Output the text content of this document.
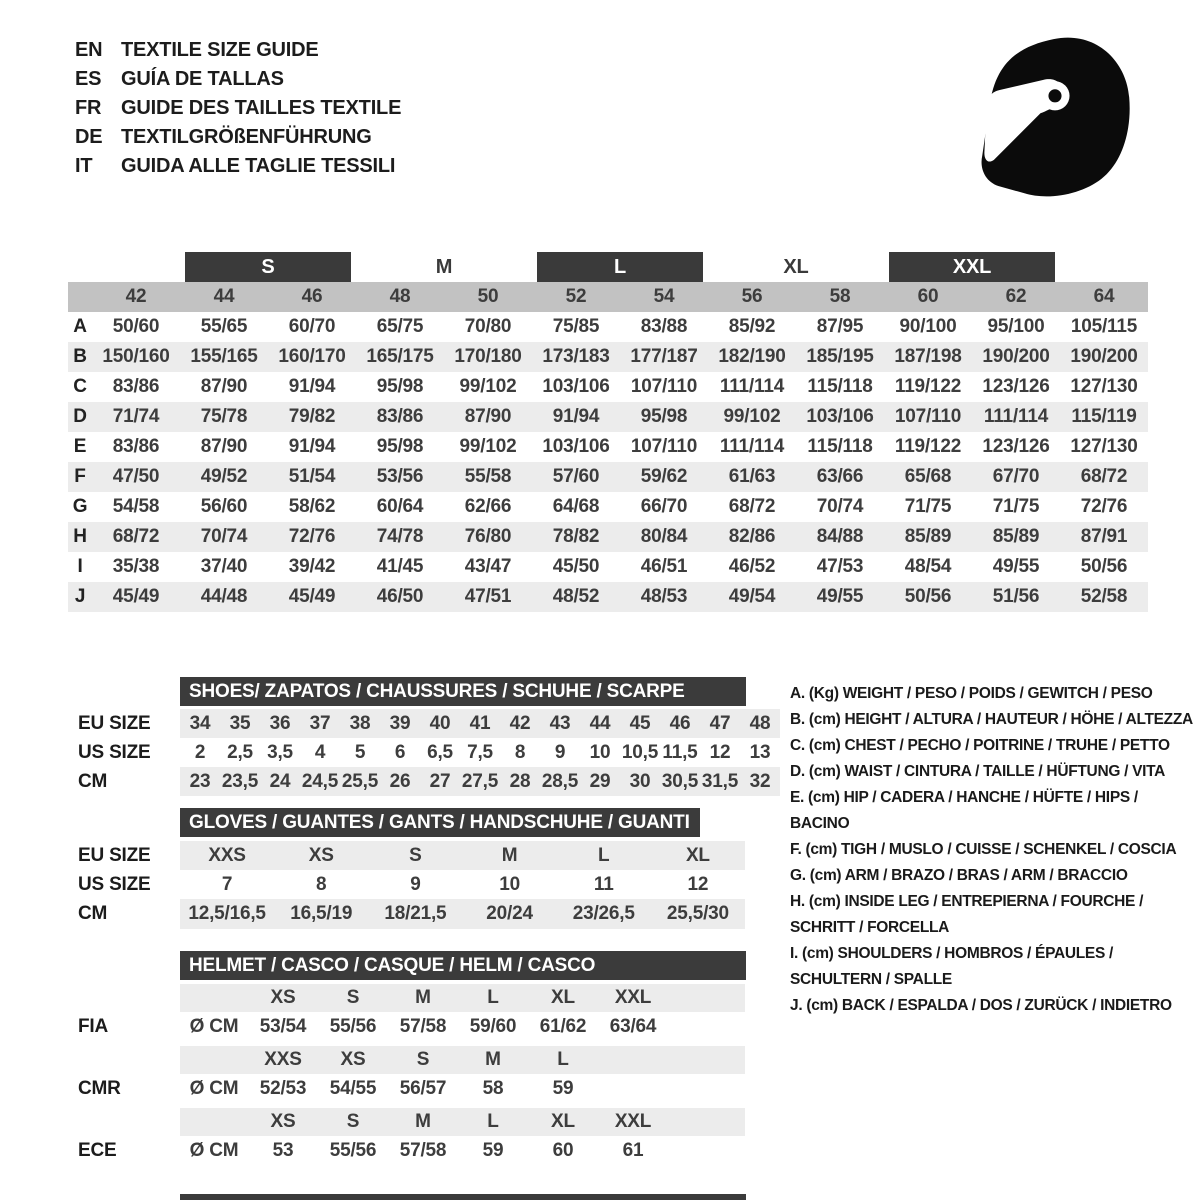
EN TEXTILE SIZE GUIDE
ES GUÍA DE TALLAS
FR GUIDE DES TAILLES TEXTILE
DE TEXTILGRÖßENFÜHRUNG
IT	GUIDA ALLE TAGLIE TESSILI
S	M	L	XL	XXL
42	44	46	48	50	52	54	56	58	60	62	64
A	50/60	55/65	60/70	65/75	70/80	75/85	83/88	85/92	87/95	90/100	95/100	105/115
B 150/160	155/165	160/170	165/175	170/180	173/183	177/187	182/190	185/195	187/198	190/200	190/200
C	83/86	87/90	91/94	95/98	99/102	103/106	107/110	111/114	115/118	119/122	123/126	127/130
D	71/74	75/78	79/82	83/86	87/90	91/94	95/98	99/102	103/106	107/110	111/114	115/119
E	83/86	87/90	91/94	95/98	99/102	103/106	107/110	111/114	115/118	119/122	123/126	127/130
F	47/50	49/52	51/54	53/56	55/58	57/60	59/62	61/63	63/66	65/68	67/70	68/72
G	54/58	56/60	58/62	60/64	62/66	64/68	66/70	68/72	70/74	71/75	71/75	72/76
H	68/72	70/74	72/76	74/78	76/80	78/82	80/84	82/86	84/88	85/89	85/89	87/91
I	35/38	37/40	39/42	41/45	43/47	45/50	46/51	46/52	47/53	48/54	49/55	50/56
J	45/49	44/48	45/49	46/50	47/51	48/52	48/53	49/54	49/55	50/56	51/56	52/58
SHOES/ ZAPATOS / CHAUSSURES / SCHUHE / SCARPE
EU SIZE	34	35	36	37	38	39	40	41	42	43	44	45	46	47	48
US SIZE	2	2,5 3,5	4	5	6	6,5 7,5	8	9	10 10,5 11,5 12	13
CM	23 23,5 24 24,5 25,5 26	27 27,5 28 28,5 29	30 30,5 31,5 32
GLOVES / GUANTES / GANTS / HANDSCHUHE / GUANTI
EU SIZE	XXS	XS	S	M	L	XL
US SIZE	7	8	9	10	11	12
CM	12,5/16,5	16,5/19	18/21,5	20/24	23/26,5	25,5/30
HELMET / CASCO / CASQUE / HELM / CASCO
XS	S	M	L	XL	XXL
FIA	Ø CM	53/54	55/56	57/58	59/60	61/62	63/64
XXS	XS	S	M	L
CMR	Ø CM	52/53	54/55	56/57	58	59
XS	S	M	L	XL	XXL
ECE	Ø CM	53	55/56	57/58	59	60	61
A. (Kg) WEIGHT / PESO / POIDS / GEWITCH / PESO
B. (cm) HEIGHT / ALTURA / HAUTEUR / HÖHE / ALTEZZA
C. (cm) CHEST / PECHO / POITRINE / TRUHE / PETTO
D. (cm) WAIST / CINTURA / TAILLE / HÜFTUNG / VITA
E. (cm) HIP / CADERA / HANCHE / HÜFTE / HIPS / BACINO
F. (cm) TIGH / MUSLO / CUISSE / SCHENKEL / COSCIA
G. (cm) ARM / BRAZO / BRAS / ARM / BRACCIO
H. (cm) INSIDE LEG / ENTREPIERNA / FOURCHE / SCHRITT / FORCELLA
I. (cm) SHOULDERS / HOMBROS / ÉPAULES / SCHULTERN / SPALLE
J. (cm) BACK / ESPALDA / DOS / ZURÜCK / INDIETRO
